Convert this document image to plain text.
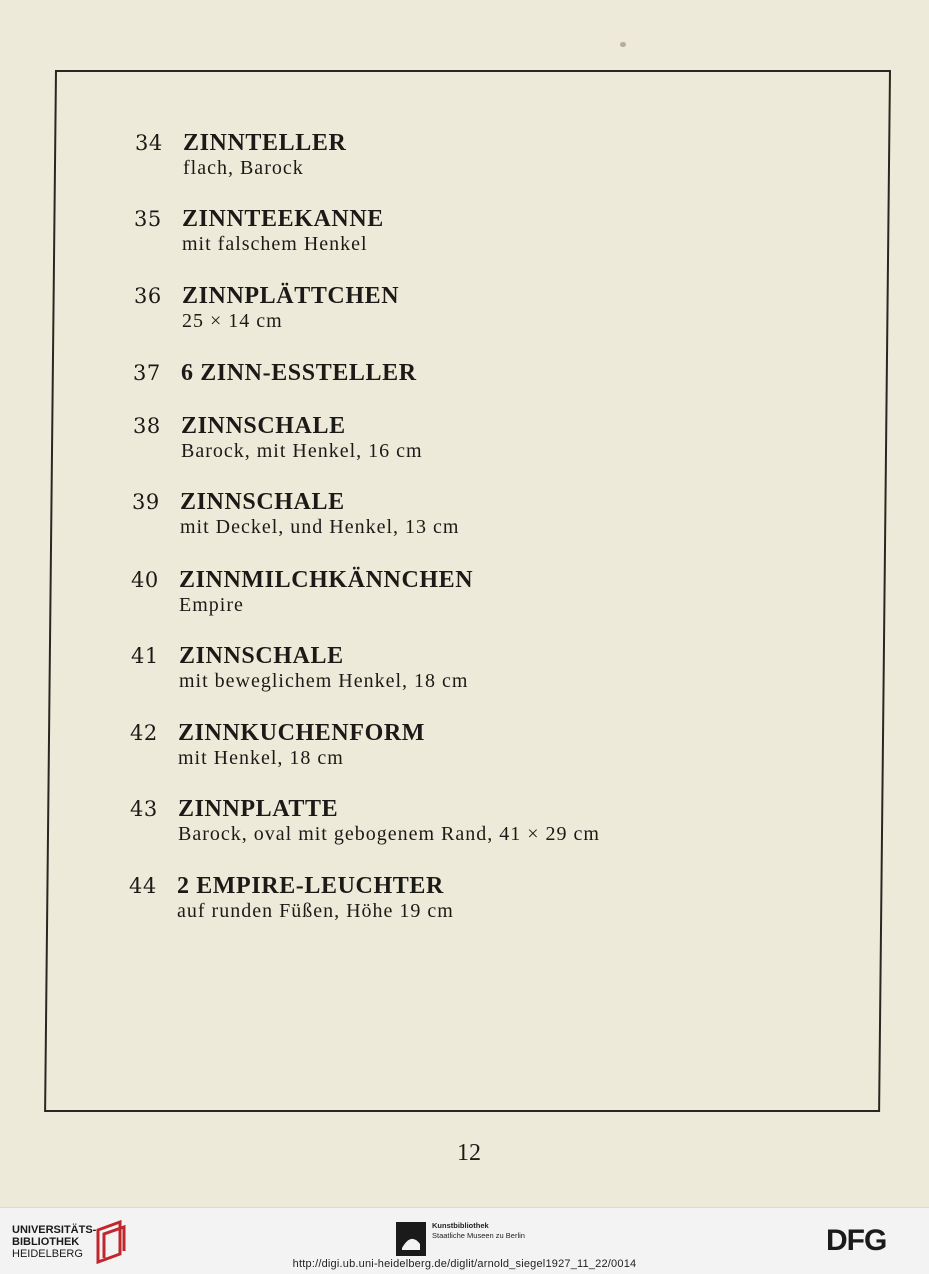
34 ZINNTELLER
flach, Barock
35 ZINNTEEKANNE
mit falschem Henkel
36 ZINNPLÄTTCHEN
25 × 14 cm
37 6 ZINN-ESSTELLER
38 ZINNSCHALE
Barock, mit Henkel, 16 cm
39 ZINNSCHALE
mit Deckel, und Henkel, 13 cm
40 ZINNMILCHKÄNNCHEN
Empire
41 ZINNSCHALE
mit beweglichem Henkel, 18 cm
42 ZINNKUCHENFORM
mit Henkel, 18 cm
43 ZINNPLATTE
Barock, oval mit gebogenem Rand, 41 × 29 cm
44 2 EMPIRE-LEUCHTER
auf runden Füßen, Höhe 19 cm
12
UNIVERSITÄTS-
BIBLIOTHEK
HEIDELBERG
Kunstbibliothek
Staatliche Museen zu Berlin
http://digi.ub.uni-heidelberg.de/diglit/arnold_siegel1927_11_22/0014
DFG
